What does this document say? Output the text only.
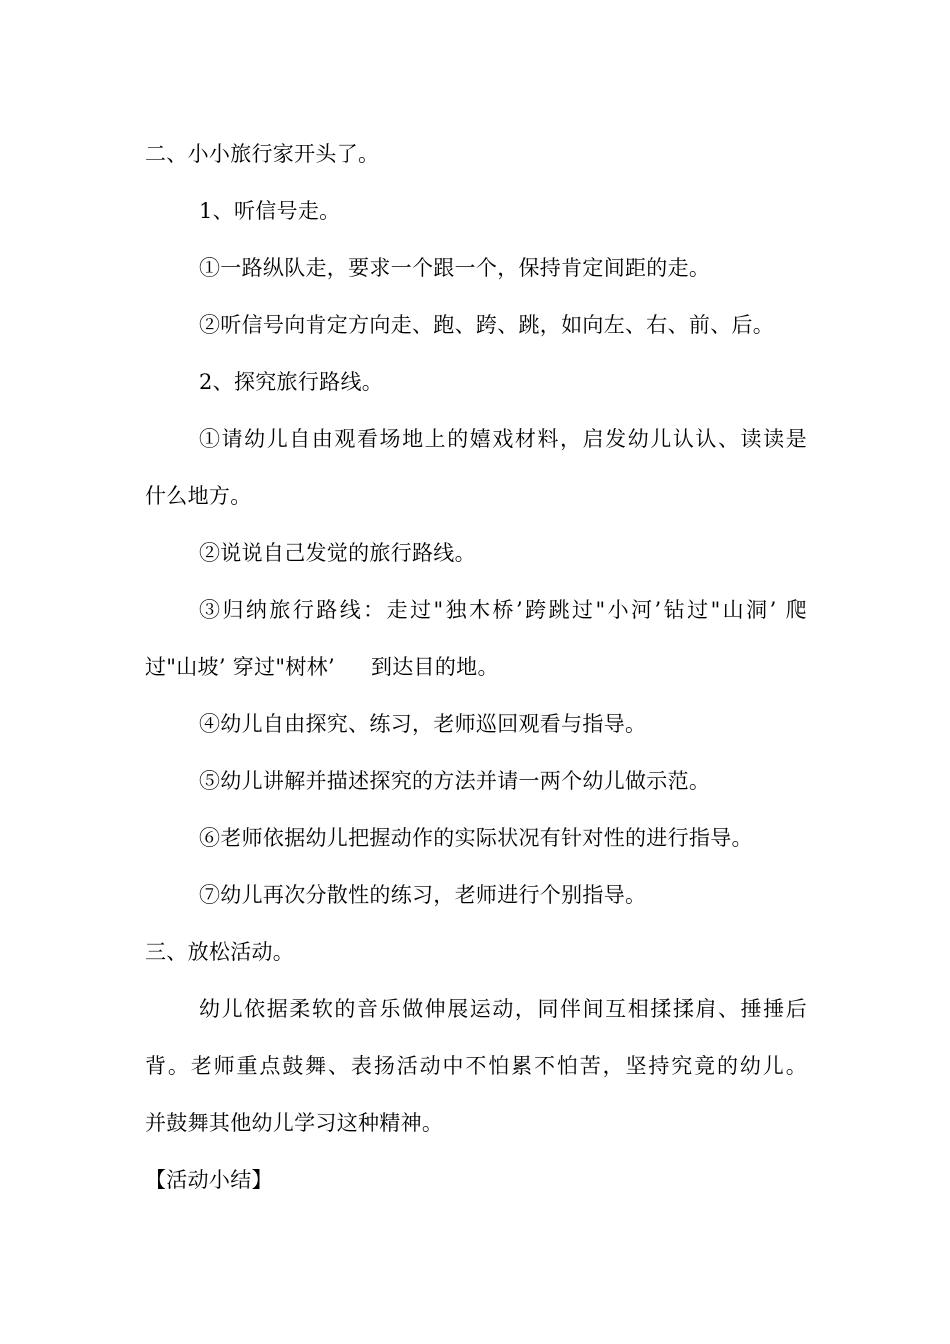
二、小小旅行家开头了。
1、听信号走。
①一路纵队走，要求一个跟一个，保持肯定间距的走。
②听信号向肯定方向走、跑、跨、跳，如向左、右、前、后。
2、探究旅行路线。
①请幼儿自由观看场地上的嬉戏材料，启发幼儿认认、读读是
什么地方。
②说说自己发觉的旅行路线。
③归纳旅行路线：走过"独木桥’跨跳过"小河’钻过"山洞’ 爬
过"山坡’ 穿过"树林’ 到达目的地。
④幼儿自由探究、练习，老师巡回观看与指导。
⑤幼儿讲解并描述探究的方法并请一两个幼儿做示范。
⑥老师依据幼儿把握动作的实际状况有针对性的进行指导。
⑦幼儿再次分散性的练习，老师进行个别指导。
三、放松活动。
幼儿依据柔软的音乐做伸展运动，同伴间互相揉揉肩、捶捶后
背。老师重点鼓舞、表扬活动中不怕累不怕苦，坚持究竟的幼儿。
并鼓舞其他幼儿学习这种精神。
【活动小结】
